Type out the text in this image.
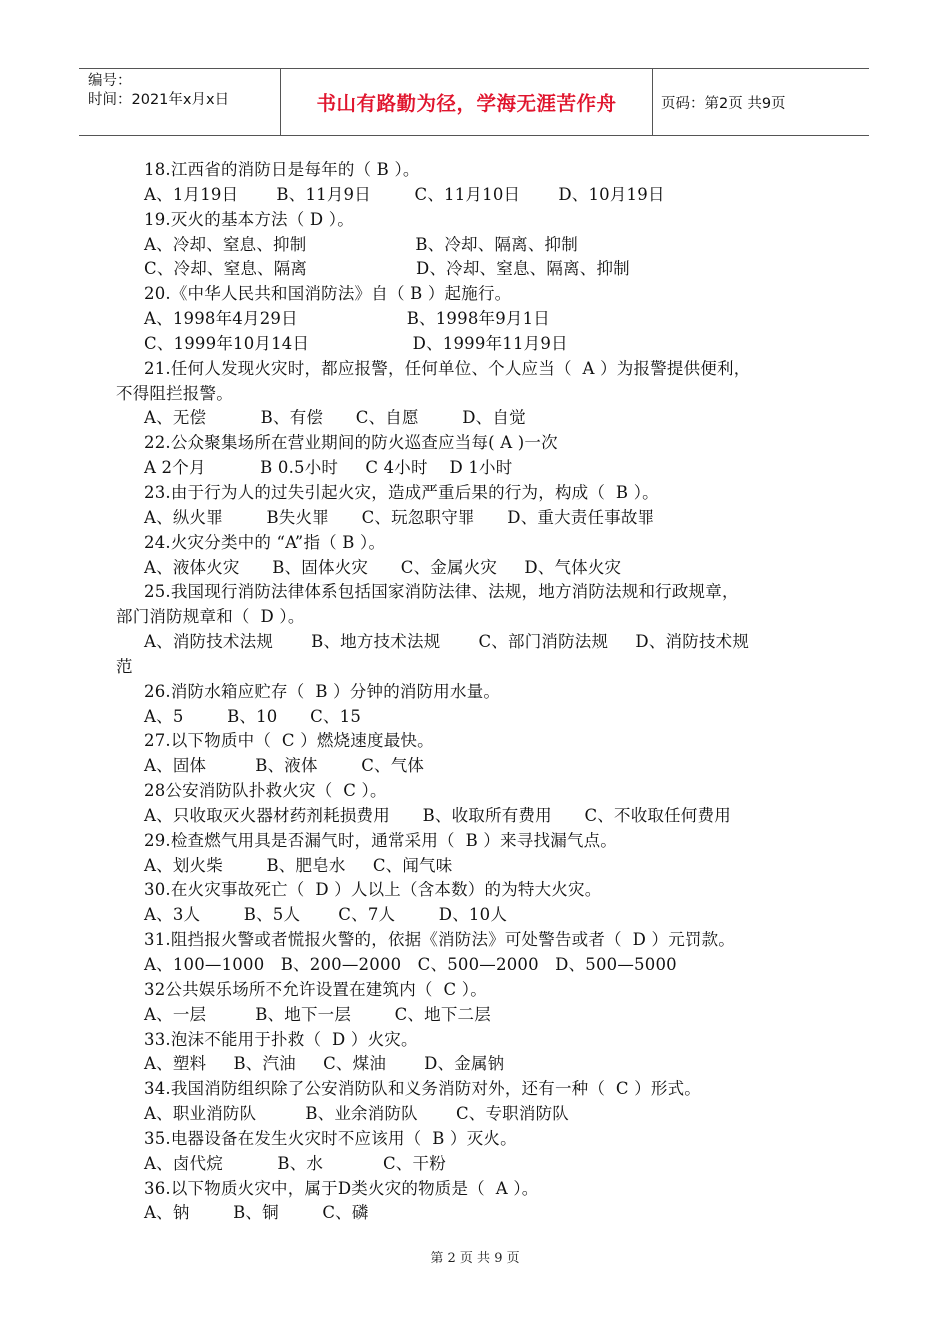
编号：
时间：2021年x月x日	书山有路勤为径，学海无涯苦作舟	页码：第2页 共9页
18.江西省的消防日是每年的（ B ）。
A、1月19日       B、11月9日        C、11月10日       D、10月19日
19.灭火的基本方法（ D ）。
A、冷却、窒息、抑制                    B、冷却、隔离、抑制
C、冷却、窒息、隔离                    D、冷却、窒息、隔离、抑制
20.《中华人民共和国消防法》自（ B ）起施行。
A、1998年4月29日                    B、1998年9月1日
C、1999年10月14日                   D、1999年11月9日
21.任何人发现火灾时，都应报警，任何单位、个人应当（  A ）为报警提供便利，
不得阻拦报警。
A、无偿          B、有偿      C、自愿        D、自觉
22.公众聚集场所在营业期间的防火巡查应当每( A )一次
A 2个月          B 0.5小时     C 4小时    D 1小时
23.由于行为人的过失引起火灾，造成严重后果的行为，构成（  B ）。
A、纵火罪        B失火罪      C、玩忽职守罪      D、重大责任事故罪
24.火灾分类中的 “A”指（ B ）。
A、液体火灾      B、固体火灾      C、金属火灾     D、气体火灾
25.我国现行消防法律体系包括国家消防法律、法规，地方消防法规和行政规章，
部门消防规章和（  D ）。
A、消防技术法规       B、地方技术法规       C、部门消防法规     D、消防技术规
范
26.消防水箱应贮存（  B ）分钟的消防用水量。
A、5        B、10      C、15
27.以下物质中（  C ）燃烧速度最快。
A、固体         B、液体        C、气体
28公安消防队扑救火灾（  C ）。
A、只收取灭火器材药剂耗损费用      B、收取所有费用      C、不收取任何费用
29.检查燃气用具是否漏气时，通常采用（  B ）来寻找漏气点。
A、划火柴        B、肥皂水     C、闻气味
30.在火灾事故死亡（  D ）人以上（含本数）的为特大火灾。
A、3人        B、5人       C、7人        D、10人
31.阻挡报火警或者慌报火警的，依据《消防法》可处警告或者（  D ）元罚款。
A、100—1000   B、200—2000   C、500—2000   D、500—5000
32公共娱乐场所不允许设置在建筑内（  C ）。
A、一层         B、地下一层        C、地下二层
33.泡沫不能用于扑救（  D ）火灾。
A、塑料     B、汽油     C、煤油       D、金属钠
34.我国消防组织除了公安消防队和义务消防对外，还有一种（  C ）形式。
A、职业消防队         B、业余消防队       C、专职消防队
35.电器设备在发生火灾时不应该用（  B ）灭火。
A、卤代烷          B、水           C、干粉
36.以下物质火灾中，属于D类火灾的物质是（  A ）。
A、钠        B、铜        C、磷
第 2 页 共 9 页
